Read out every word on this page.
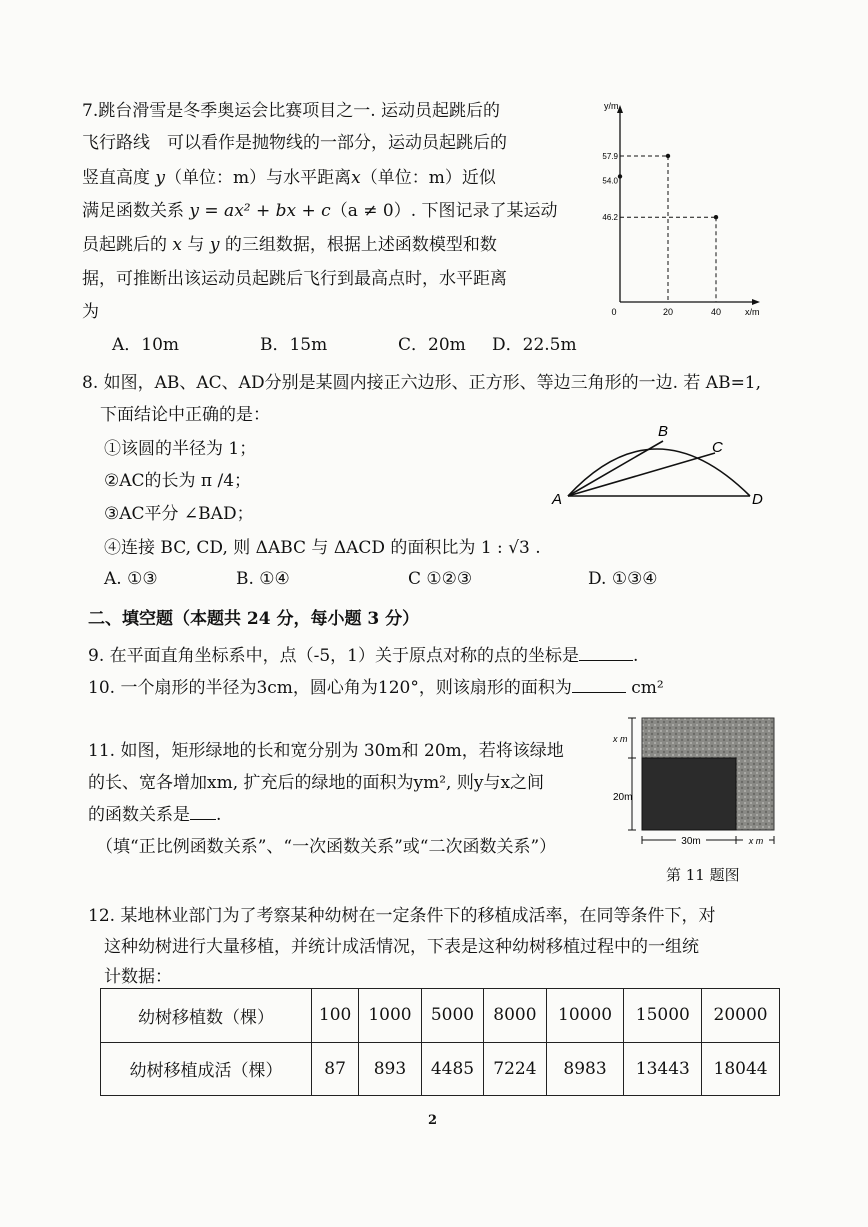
7.跳台滑雪是冬季奥运会比赛项目之一. 运动员起跳后的
飞行路线　可以看作是抛物线的一部分，运动员起跳后的
竖直高度 y（单位：m）与水平距离x（单位：m）近似
满足函数关系 y = ax² + bx + c（a ≠ 0）. 下图记录了某运动
员起跳后的 x 与 y 的三组数据，根据上述函数模型和数
据，可推断出该运动员起跳后飞行到最高点时，水平距离
为
A．10m	B．15m	C．20m D．22.5m
y/m
x/m
0	20	40
57.9
54.0
46.2
8. 如图，AB、AC、AD分别是某圆内接正六边形、正方形、等边三角形的一边. 若 AB=1,
下面结论中正确的是：
①该圆的半径为 1；
②AC的长为 π /4；
③AC平分 ∠BAD；
④连接 BC, CD, 则 ΔABC 与 ΔACD 的面积比为 1 : √3 .
A. ①③	B. ①④	C ①②③	D. ①③④
A
B
C
D
二、填空题（本题共 24 分，每小题 3 分）
9. 在平面直角坐标系中，点（-5，1）关于原点对称的点的坐标是	.
10. 一个扇形的半径为3cm，圆心角为120°，则该扇形的面积为	cm²
11. 如图，矩形绿地的长和宽分别为 30m和 20m，若将该绿地
的长、宽各增加xm, 扩充后的绿地的面积为ym², 则y与x之间
的函数关系是 .
（填“正比例函数关系”、“一次函数关系”或“二次函数关系”）
x m
20m
30m	x m
第 11 题图
12. 某地林业部门为了考察某种幼树在一定条件下的移植成活率，在同等条件下，对
这种幼树进行大量移植，并统计成活情况，下表是这种幼树移植过程中的一组统
计数据：
幼树移植数（棵）	100	1000	5000	8000	10000	15000	20000
幼树移植成活（棵）	87	893	4485	7224	8983	13443	18044
2
